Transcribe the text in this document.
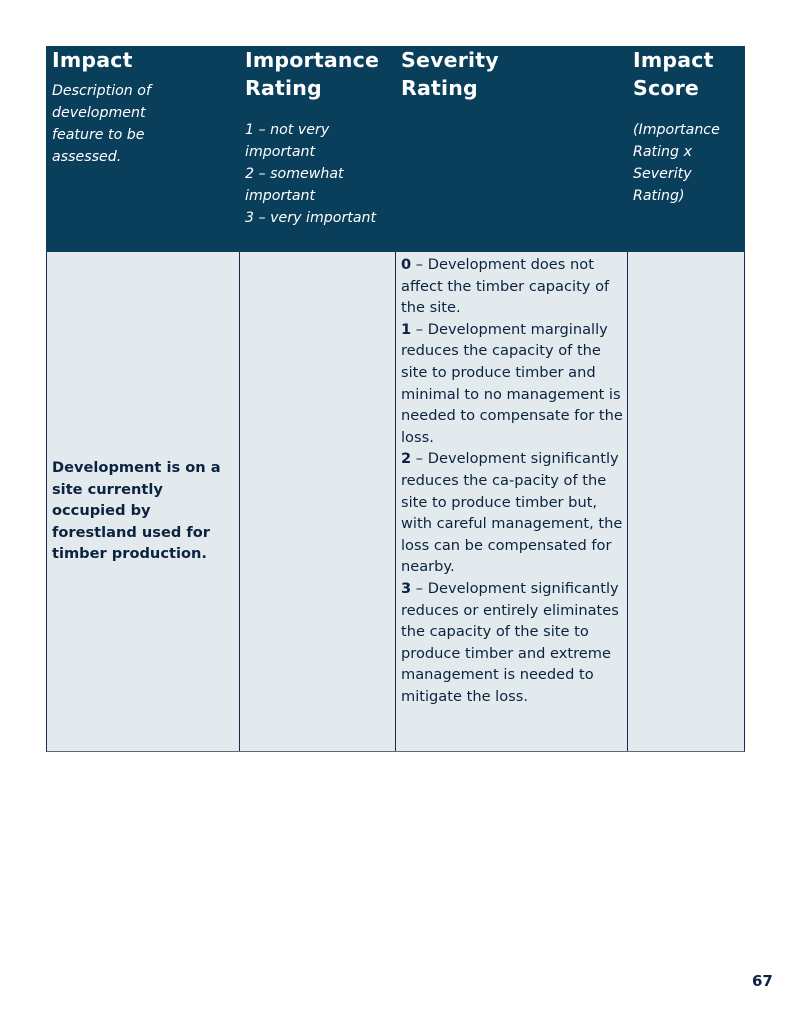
Impact
Description of development feature to be assessed.
Importance
Rating
1 – not very important
2 – somewhat important
3 – very important
Severity
Rating
Impact
Score
(Importance Rating x Severity Rating)
Development is on a site currently occupied by forestland used for timber production.
0 – Development does not affect the timber capacity of the site.
1 – Development marginally reduces the capacity of the site to produce timber and minimal to no management is needed to compensate for the loss.
2 – Development significantly reduces the ca-pacity of the site to produce timber but, with careful management, the loss can be compensated for nearby.
3 – Development significantly reduces or entirely eliminates the capacity of the site to produce timber and extreme management is needed to mitigate the loss.
67
